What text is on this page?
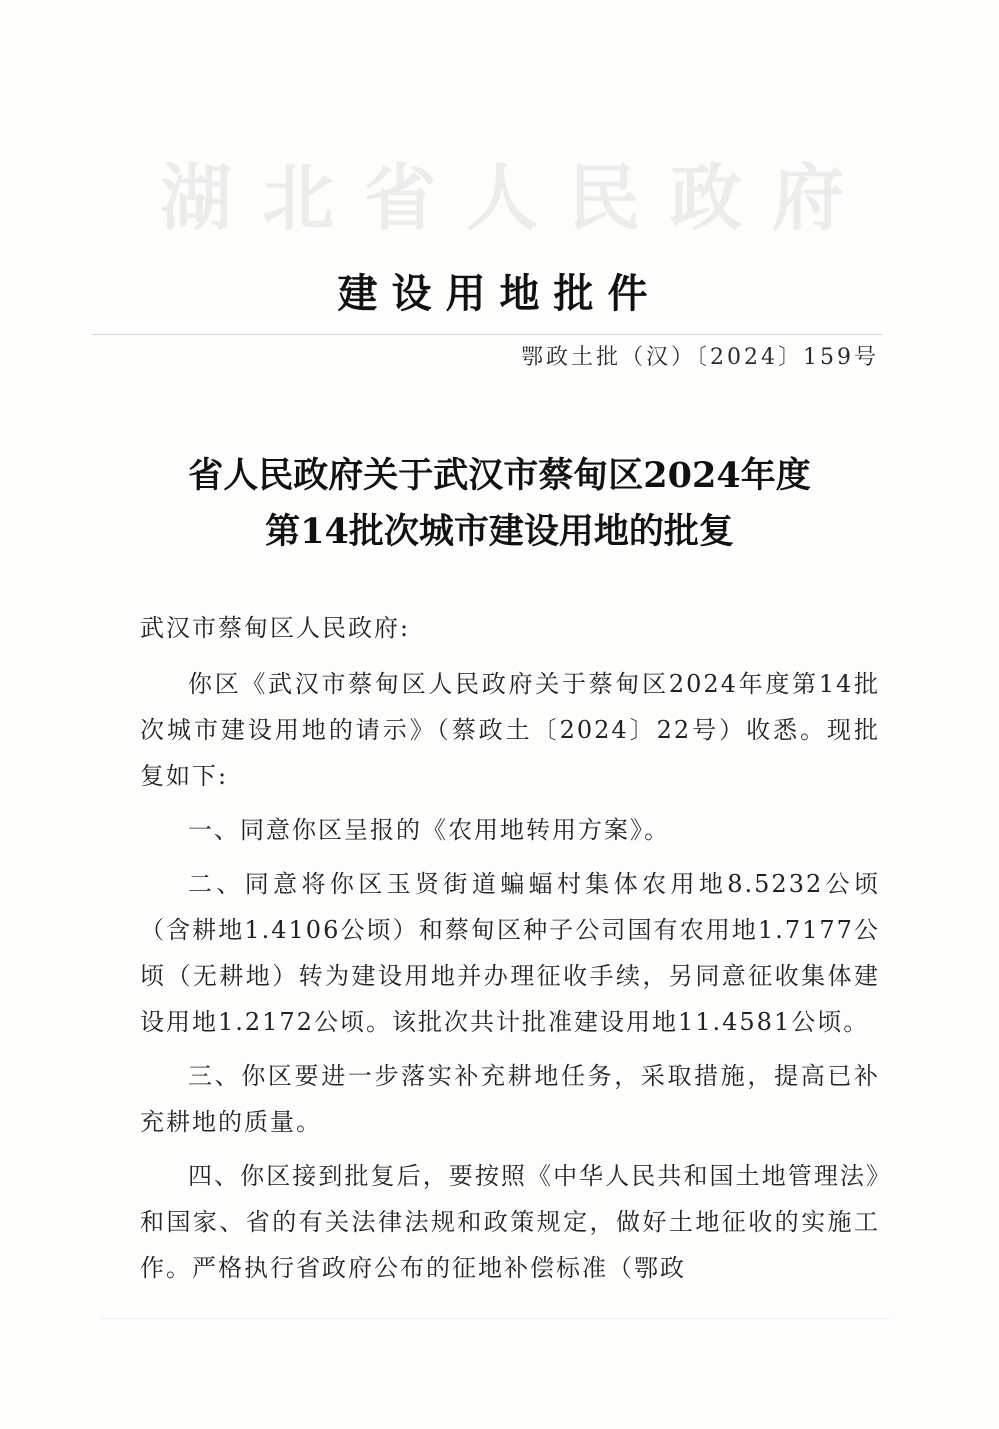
湖北省人民政府
建设用地批件
鄂政土批（汉）〔2024〕159号
省人民政府关于武汉市蔡甸区2024年度
第14批次城市建设用地的批复

武汉市蔡甸区人民政府:

你区《武汉市蔡甸区人民政府关于蔡甸区2024年度第14批次城市建设用地的请示》（蔡政土〔2024〕22号）收悉。现批复如下:

一、同意你区呈报的《农用地转用方案》。

二、同意将你区玉贤街道蝙蝠村集体农用地8.5232公顷（含耕地1.4106公顷）和蔡甸区种子公司国有农用地1.7177公顷（无耕地）转为建设用地并办理征收手续，另同意征收集体建设用地1.2172公顷。该批次共计批准建设用地11.4581公顷。

三、你区要进一步落实补充耕地任务，采取措施，提高已补充耕地的质量。

四、你区接到批复后，要按照《中华人民共和国土地管理法》和国家、省的有关法律法规和政策规定，做好土地征收的实施工作。严格执行省政府公布的征地补偿标准（鄂政
